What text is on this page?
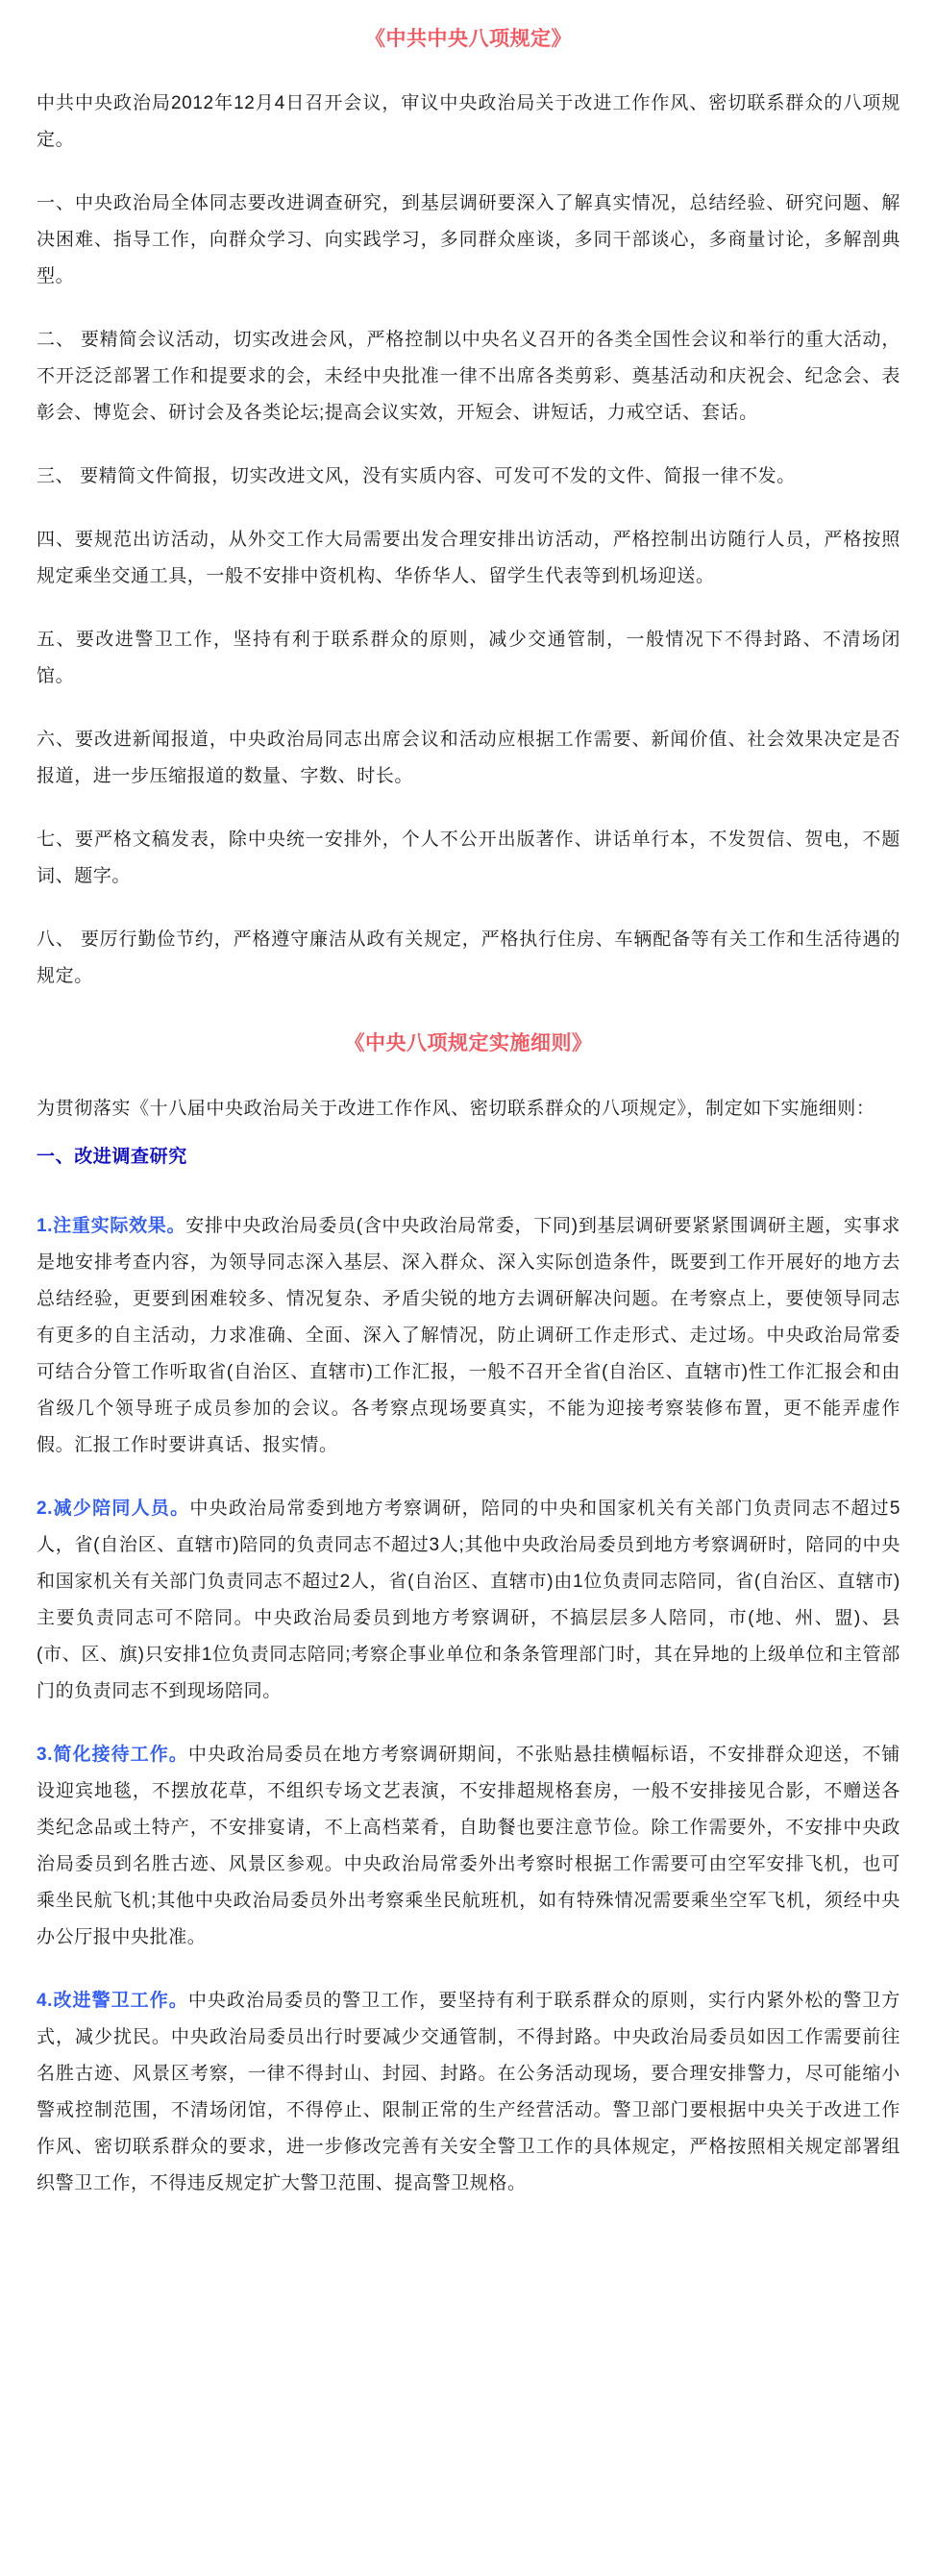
《中共中央八项规定》

中共中央政治局2012年12月4日召开会议，审议中央政治局关于改进工作作风、密切联系群众的八项规定。

一、中央政治局全体同志要改进调查研究，到基层调研要深入了解真实情况，总结经验、研究问题、解决困难、指导工作，向群众学习、向实践学习，多同群众座谈，多同干部谈心，多商量讨论，多解剖典型。

二、 要精简会议活动，切实改进会风，严格控制以中央名义召开的各类全国性会议和举行的重大活动，不开泛泛部署工作和提要求的会，未经中央批准一律不出席各类剪彩、奠基活动和庆祝会、纪念会、表彰会、博览会、研讨会及各类论坛;提高会议实效，开短会、讲短话，力戒空话、套话。

三、 要精简文件简报，切实改进文风，没有实质内容、可发可不发的文件、简报一律不发。

四、要规范出访活动，从外交工作大局需要出发合理安排出访活动，严格控制出访随行人员，严格按照规定乘坐交通工具，一般不安排中资机构、华侨华人、留学生代表等到机场迎送。

五、要改进警卫工作，坚持有利于联系群众的原则，减少交通管制，一般情况下不得封路、不清场闭馆。

六、要改进新闻报道，中央政治局同志出席会议和活动应根据工作需要、新闻价值、社会效果决定是否报道，进一步压缩报道的数量、字数、时长。

七、要严格文稿发表，除中央统一安排外，个人不公开出版著作、讲话单行本，不发贺信、贺电，不题词、题字。

八、 要厉行勤俭节约，严格遵守廉洁从政有关规定，严格执行住房、车辆配备等有关工作和生活待遇的规定。

《中央八项规定实施细则》

为贯彻落实《十八届中央政治局关于改进工作作风、密切联系群众的八项规定》，制定如下实施细则：

一、改进调查研究

1.注重实际效果。安排中央政治局委员(含中央政治局常委，下同)到基层调研要紧紧围调研主题，实事求是地安排考查内容，为领导同志深入基层、深入群众、深入实际创造条件，既要到工作开展好的地方去总结经验，更要到困难较多、情况复杂、矛盾尖锐的地方去调研解决问题。在考察点上，要使领导同志有更多的自主活动，力求准确、全面、深入了解情况，防止调研工作走形式、走过场。中央政治局常委可结合分管工作听取省(自治区、直辖市)工作汇报，一般不召开全省(自治区、直辖市)性工作汇报会和由省级几个领导班子成员参加的会议。各考察点现场要真实，不能为迎接考察装修布置，更不能弄虚作假。汇报工作时要讲真话、报实情。

2.减少陪同人员。中央政治局常委到地方考察调研，陪同的中央和国家机关有关部门负责同志不超过5人，省(自治区、直辖市)陪同的负责同志不超过3人;其他中央政治局委员到地方考察调研时，陪同的中央和国家机关有关部门负责同志不超过2人，省(自治区、直辖市)由1位负责同志陪同，省(自治区、直辖市)主要负责同志可不陪同。中央政治局委员到地方考察调研，不搞层层多人陪同，市(地、州、盟)、县(市、区、旗)只安排1位负责同志陪同;考察企事业单位和条条管理部门时，其在异地的上级单位和主管部门的负责同志不到现场陪同。

3.简化接待工作。中央政治局委员在地方考察调研期间，不张贴悬挂横幅标语，不安排群众迎送，不铺设迎宾地毯，不摆放花草，不组织专场文艺表演，不安排超规格套房，一般不安排接见合影，不赠送各类纪念品或土特产，不安排宴请，不上高档菜肴，自助餐也要注意节俭。除工作需要外，不安排中央政治局委员到名胜古迹、风景区参观。中央政治局常委外出考察时根据工作需要可由空军安排飞机，也可乘坐民航飞机;其他中央政治局委员外出考察乘坐民航班机，如有特殊情况需要乘坐空军飞机，须经中央办公厅报中央批准。

4.改进警卫工作。中央政治局委员的警卫工作，要坚持有利于联系群众的原则，实行内紧外松的警卫方式，减少扰民。中央政治局委员出行时要减少交通管制，不得封路。中央政治局委员如因工作需要前往名胜古迹、风景区考察，一律不得封山、封园、封路。在公务活动现场，要合理安排警力，尽可能缩小警戒控制范围，不清场闭馆，不得停止、限制正常的生产经营活动。警卫部门要根据中央关于改进工作作风、密切联系群众的要求，进一步修改完善有关安全警卫工作的具体规定，严格按照相关规定部署组织警卫工作，不得违反规定扩大警卫范围、提高警卫规格。
